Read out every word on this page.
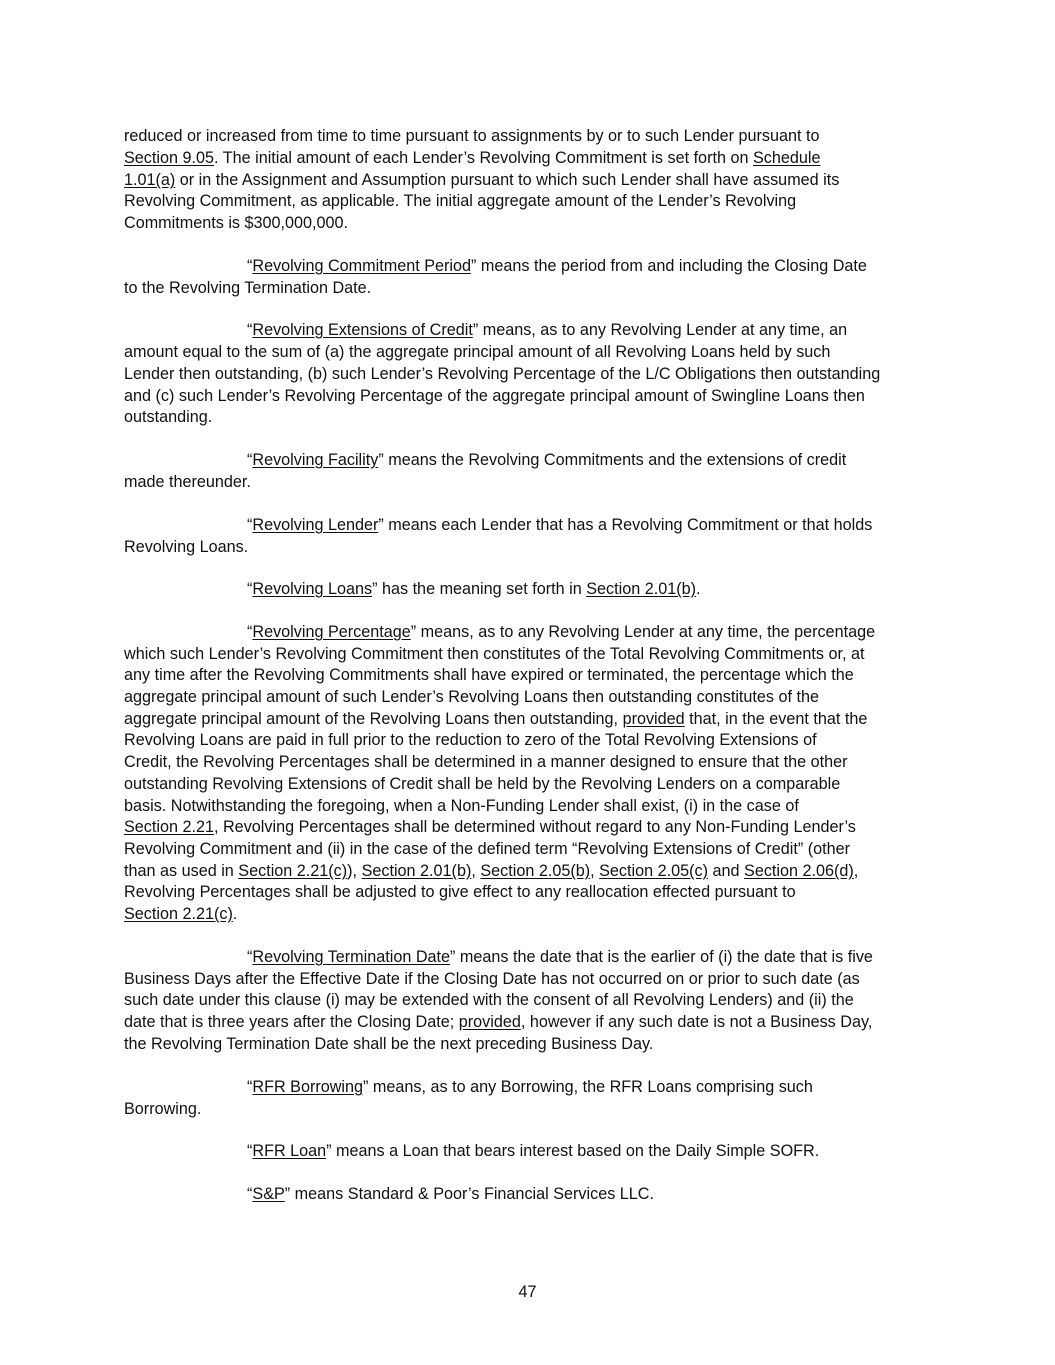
reduced or increased from time to time pursuant to assignments by or to such Lender pursuant to
Section 9.05. The initial amount of each Lender’s Revolving Commitment is set forth on Schedule
1.01(a) or in the Assignment and Assumption pursuant to which such Lender shall have assumed its
Revolving Commitment, as applicable. The initial aggregate amount of the Lender’s Revolving
Commitments is $300,000,000.
“Revolving Commitment Period” means the period from and including the Closing Date
to the Revolving Termination Date.
“Revolving Extensions of Credit” means, as to any Revolving Lender at any time, an
amount equal to the sum of (a) the aggregate principal amount of all Revolving Loans held by such
Lender then outstanding, (b) such Lender’s Revolving Percentage of the L/C Obligations then outstanding
and (c) such Lender’s Revolving Percentage of the aggregate principal amount of Swingline Loans then
outstanding.
“Revolving Facility” means the Revolving Commitments and the extensions of credit
made thereunder.
“Revolving Lender” means each Lender that has a Revolving Commitment or that holds
Revolving Loans.
“Revolving Loans” has the meaning set forth in Section 2.01(b).
“Revolving Percentage” means, as to any Revolving Lender at any time, the percentage
which such Lender’s Revolving Commitment then constitutes of the Total Revolving Commitments or, at
any time after the Revolving Commitments shall have expired or terminated, the percentage which the
aggregate principal amount of such Lender’s Revolving Loans then outstanding constitutes of the
aggregate principal amount of the Revolving Loans then outstanding, provided that, in the event that the
Revolving Loans are paid in full prior to the reduction to zero of the Total Revolving Extensions of
Credit, the Revolving Percentages shall be determined in a manner designed to ensure that the other
outstanding Revolving Extensions of Credit shall be held by the Revolving Lenders on a comparable
basis. Notwithstanding the foregoing, when a Non-Funding Lender shall exist, (i) in the case of
Section 2.21, Revolving Percentages shall be determined without regard to any Non-Funding Lender’s
Revolving Commitment and (ii) in the case of the defined term “Revolving Extensions of Credit” (other
than as used in Section 2.21(c)), Section 2.01(b), Section 2.05(b), Section 2.05(c) and Section 2.06(d),
Revolving Percentages shall be adjusted to give effect to any reallocation effected pursuant to
Section 2.21(c).
“Revolving Termination Date” means the date that is the earlier of (i) the date that is five
Business Days after the Effective Date if the Closing Date has not occurred on or prior to such date (as
such date under this clause (i) may be extended with the consent of all Revolving Lenders) and (ii) the
date that is three years after the Closing Date; provided, however if any such date is not a Business Day,
the Revolving Termination Date shall be the next preceding Business Day.
“RFR Borrowing” means, as to any Borrowing, the RFR Loans comprising such
Borrowing.
“RFR Loan” means a Loan that bears interest based on the Daily Simple SOFR.
“S&P” means Standard & Poor’s Financial Services LLC.
47
